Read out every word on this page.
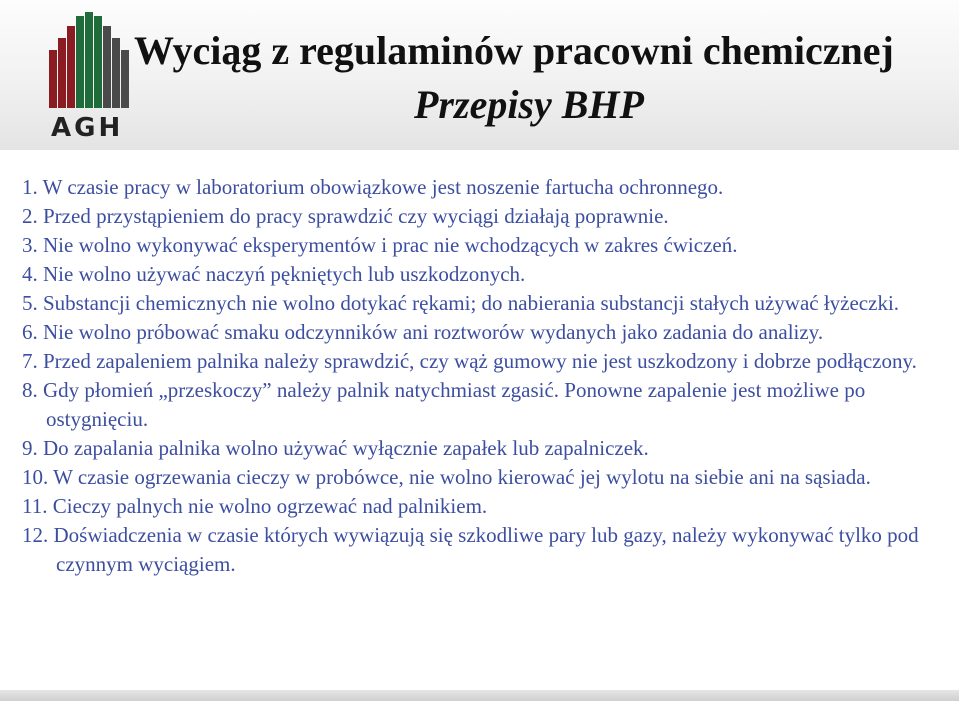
AGH
Wyciąg z regulaminów pracowni chemicznej
Przepisy BHP
1. W czasie pracy w laboratorium obowiązkowe jest noszenie fartucha ochronnego.
2. Przed przystąpieniem do pracy sprawdzić czy wyciągi działają poprawnie.
3. Nie wolno wykonywać eksperymentów i prac nie wchodzących w zakres ćwiczeń.
4. Nie wolno używać naczyń pękniętych lub uszkodzonych.
5. Substancji chemicznych nie wolno dotykać rękami; do nabierania substancji stałych używać łyżeczki.
6. Nie wolno próbować smaku odczynników ani roztworów wydanych jako zadania do analizy.
7. Przed zapaleniem palnika należy sprawdzić, czy wąż gumowy nie jest uszkodzony i dobrze podłączony.
8. Gdy płomień „przeskoczy” należy palnik natychmiast zgasić. Ponowne zapalenie jest możliwe po ostygnięciu.
9. Do zapalania palnika wolno używać wyłącznie zapałek lub zapalniczek.
10. W czasie ogrzewania cieczy w probówce, nie wolno kierować jej wylotu na siebie ani na sąsiada.
11. Cieczy palnych nie wolno ogrzewać nad palnikiem.
12. Doświadczenia w czasie których wywiązują się szkodliwe pary lub gazy, należy wykonywać tylko pod czynnym wyciągiem.
